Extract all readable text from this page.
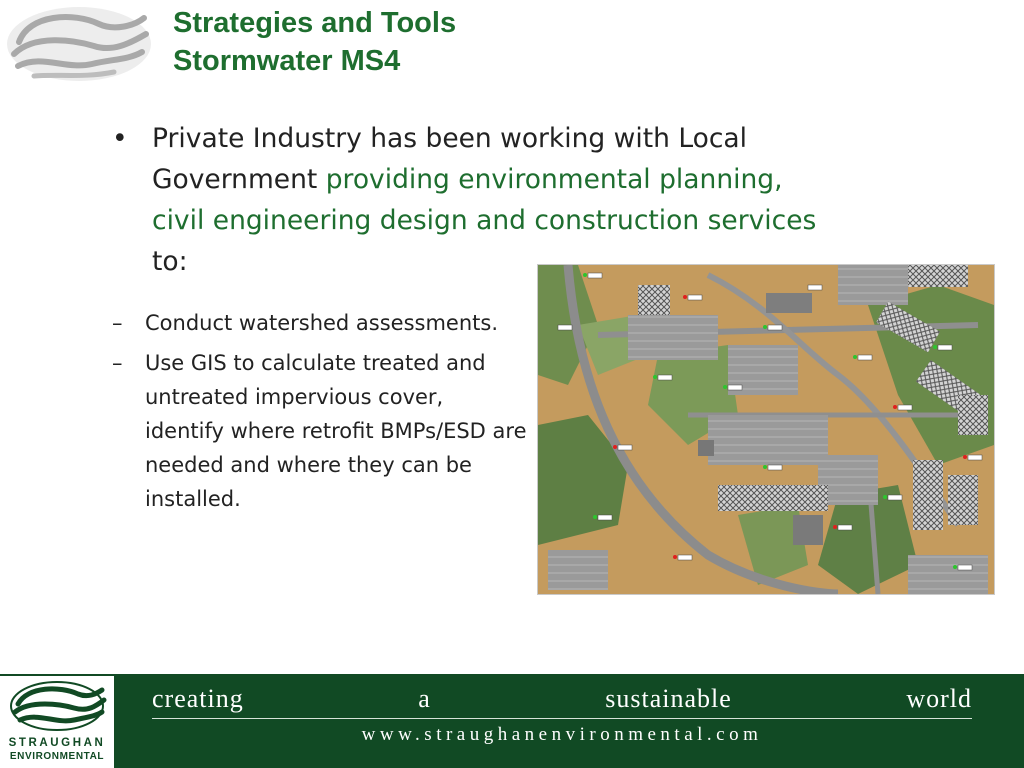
Strategies and Tools
Stormwater MS4
• Private Industry has been working with Local Government providing environmental planning, civil engineering design and construction services to:
– Conduct watershed assessments.
– Use GIS to calculate treated and untreated impervious cover, identify where retrofit BMPs/ESD are needed and where they can be installed.
STRAUGHAN
ENVIRONMENTAL
creating a sustainable world
www.straughanenvironmental.com
